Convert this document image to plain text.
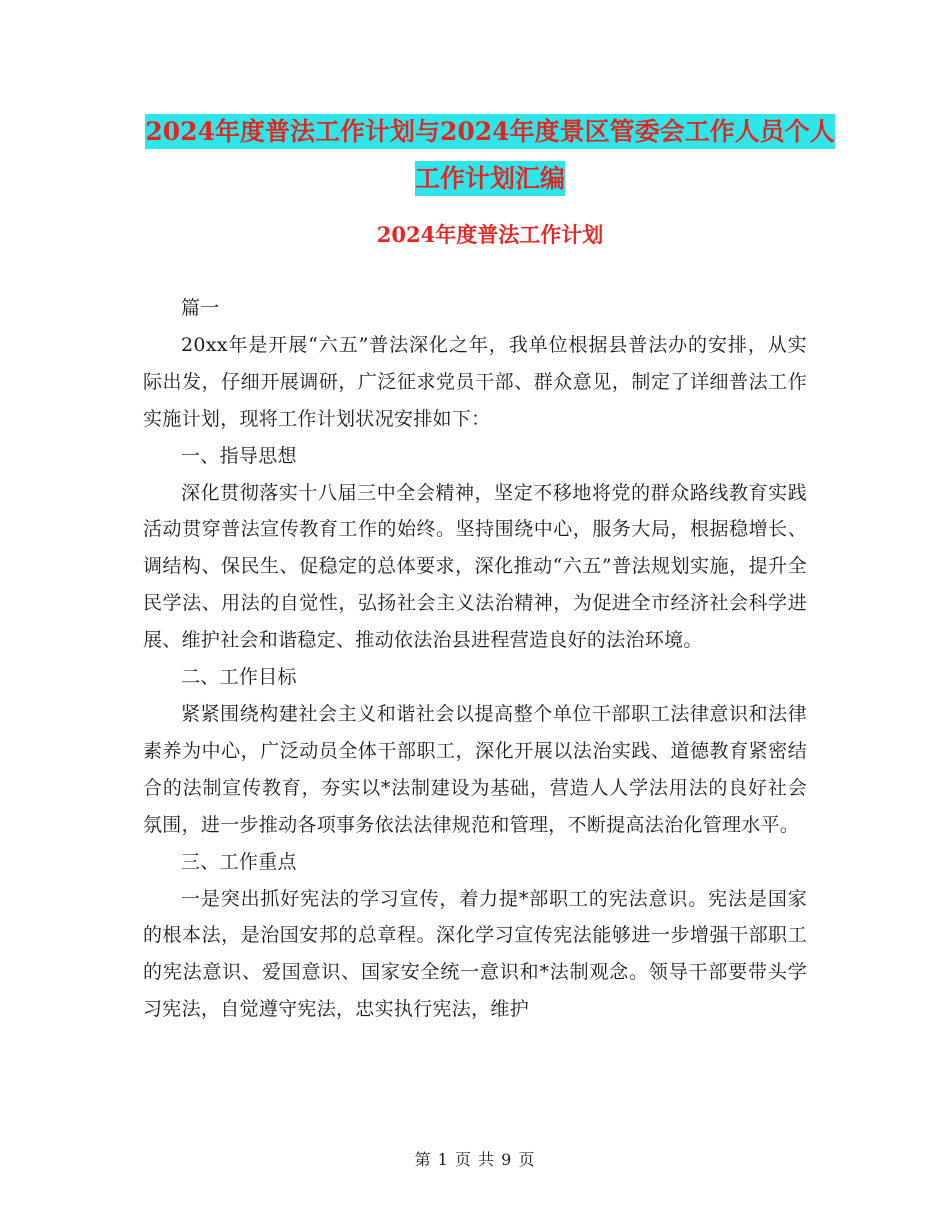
2024年度普法工作计划与2024年度景区管委会工作人员个人工作计划汇编
2024年度普法工作计划

篇一

20xx年是开展“六五”普法深化之年，我单位根据县普法办的安排，从实际出发，仔细开展调研，广泛征求党员干部、群众意见，制定了详细普法工作实施计划，现将工作计划状况安排如下：

一、指导思想

深化贯彻落实十八届三中全会精神，坚定不移地将党的群众路线教育实践活动贯穿普法宣传教育工作的始终。坚持围绕中心，服务大局，根据稳增长、调结构、保民生、促稳定的总体要求，深化推动“六五”普法规划实施，提升全民学法、用法的自觉性，弘扬社会主义法治精神，为促进全市经济社会科学进展、维护社会和谐稳定、推动依法治县进程营造良好的法治环境。

二、工作目标

紧紧围绕构建社会主义和谐社会以提高整个单位干部职工法律意识和法律素养为中心，广泛动员全体干部职工，深化开展以法治实践、道德教育紧密结合的法制宣传教育，夯实以*法制建设为基础，营造人人学法用法的良好社会氛围，进一步推动各项事务依法法律规范和管理，不断提高法治化管理水平。

三、工作重点

一是突出抓好宪法的学习宣传，着力提*部职工的宪法意识。宪法是国家的根本法，是治国安邦的总章程。深化学习宣传宪法能够进一步增强干部职工的宪法意识、爱国意识、国家安全统一意识和*法制观念。领导干部要带头学习宪法，自觉遵守宪法，忠实执行宪法，维护

第 1 页 共 9 页
